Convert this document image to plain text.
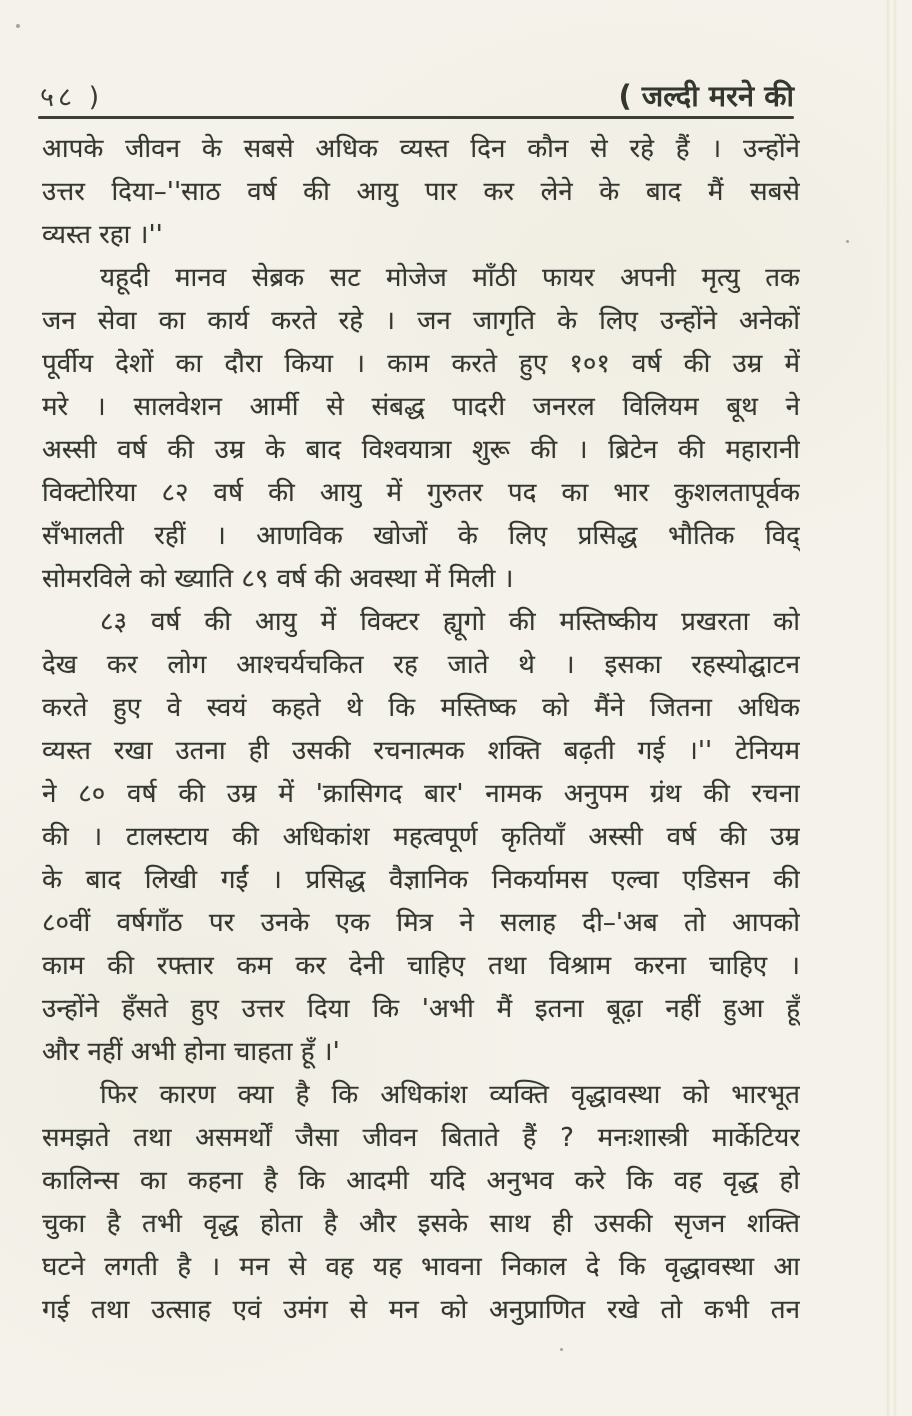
५८ )	( जल्दी मरने की
आपके जीवन के सबसे अधिक व्यस्त दिन कौन से रहे हैं । उन्होंने
उत्तर दिया–''साठ वर्ष की आयु पार कर लेने के बाद मैं सबसे
व्यस्त रहा ।''
यहूदी मानव सेब्रक सट मोजेज माँठी फायर अपनी मृत्यु तक
जन सेवा का कार्य करते रहे । जन जागृति के लिए उन्होंने अनेकों
पूर्वीय देशों का दौरा किया । काम करते हुए १०१ वर्ष की उम्र में
मरे । सालवेशन आर्मी से संबद्ध पादरी जनरल विलियम बूथ ने
अस्सी वर्ष की उम्र के बाद विश्वयात्रा शुरू की । ब्रिटेन की महारानी
विक्टोरिया ८२ वर्ष की आयु में गुरुतर पद का भार कुशलतापूर्वक
सँभालती रहीं । आणविक खोजों के लिए प्रसिद्ध भौतिक विद्
सोमरविले को ख्याति ८९ वर्ष की अवस्था में मिली ।
८३ वर्ष की आयु में विक्टर ह्यूगो की मस्तिष्कीय प्रखरता को
देख कर लोग आश्चर्यचकित रह जाते थे । इसका रहस्योद्घाटन
करते हुए वे स्वयं कहते थे कि मस्तिष्क को मैंने जितना अधिक
व्यस्त रखा उतना ही उसकी रचनात्मक शक्ति बढ़ती गई ।'' टेनियम
ने ८० वर्ष की उम्र में 'क्रासिगद बार' नामक अनुपम ग्रंथ की रचना
की । टालस्टाय की अधिकांश महत्वपूर्ण कृतियाँ अस्सी वर्ष की उम्र
के बाद लिखी गईं । प्रसिद्ध वैज्ञानिक निकर्यामस एल्वा एडिसन की
८०वीं वर्षगाँठ पर उनके एक मित्र ने सलाह दी–'अब तो आपको
काम की रफ्तार कम कर देनी चाहिए तथा विश्राम करना चाहिए ।
उन्होंने हँसते हुए उत्तर दिया कि 'अभी मैं इतना बूढ़ा नहीं हुआ हूँ
और नहीं अभी होना चाहता हूँ ।'
फिर कारण क्या है कि अधिकांश व्यक्ति वृद्धावस्था को भारभूत
समझते तथा असमर्थों जैसा जीवन बिताते हैं ? मनःशास्त्री मार्केटियर
कालिन्स का कहना है कि आदमी यदि अनुभव करे कि वह वृद्ध हो
चुका है तभी वृद्ध होता है और इसके साथ ही उसकी सृजन शक्ति
घटने लगती है । मन से वह यह भावना निकाल दे कि वृद्धावस्था आ
गई तथा उत्साह एवं उमंग से मन को अनुप्राणित रखे तो कभी तन
